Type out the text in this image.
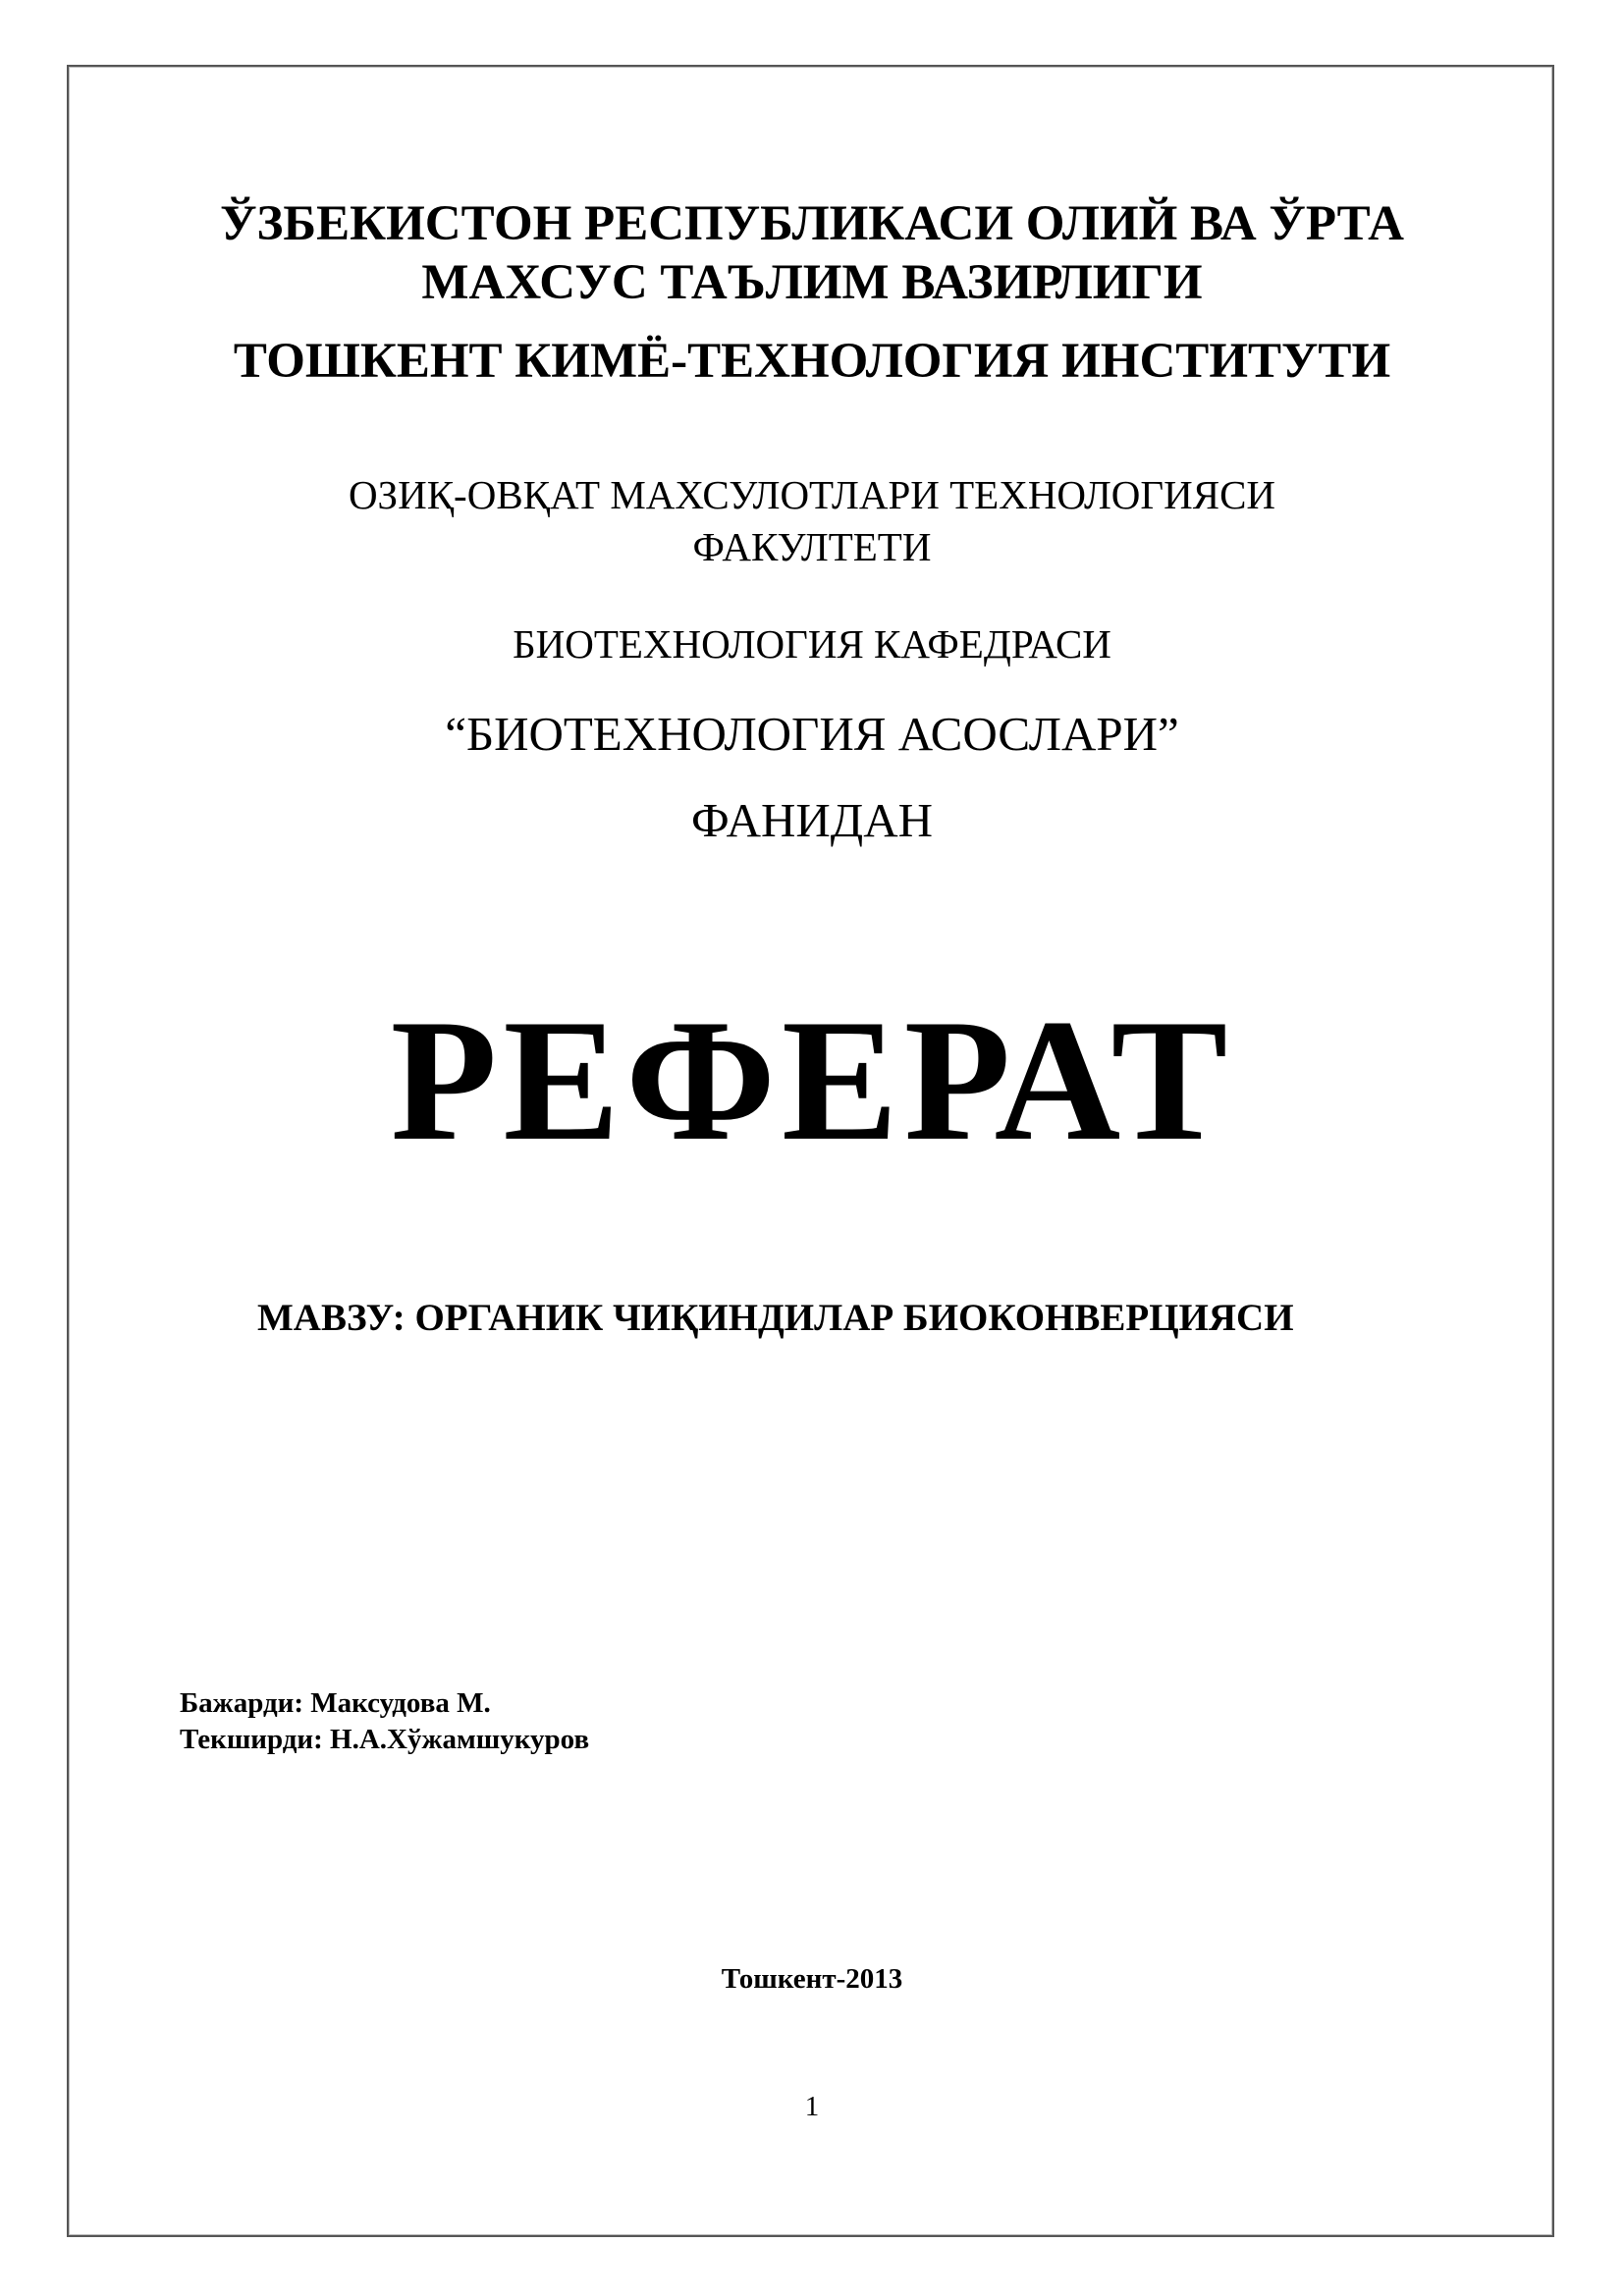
ЎЗБЕКИСТОН РЕСПУБЛИКАСИ ОЛИЙ ВА ЎРТА
МАХСУС ТАЪЛИМ ВАЗИРЛИГИ
ТОШКЕНТ КИМЁ-ТЕХНОЛОГИЯ ИНСТИТУТИ
ОЗИҚ-ОВҚАТ МАХСУЛОТЛАРИ ТЕХНОЛОГИЯСИ
ФАКУЛТЕТИ
БИОТЕХНОЛОГИЯ КАФЕДРАСИ
“БИОТЕХНОЛОГИЯ АСОСЛАРИ”
ФАНИДАН
РЕФЕРАТ
МАВЗУ: ОРГАНИК ЧИҚИНДИЛАР БИОКОНВЕРЦИЯСИ
Бажарди: Максудова М.
Текширди: Н.А.Хўжамшукуров
Тошкент-2013
1
